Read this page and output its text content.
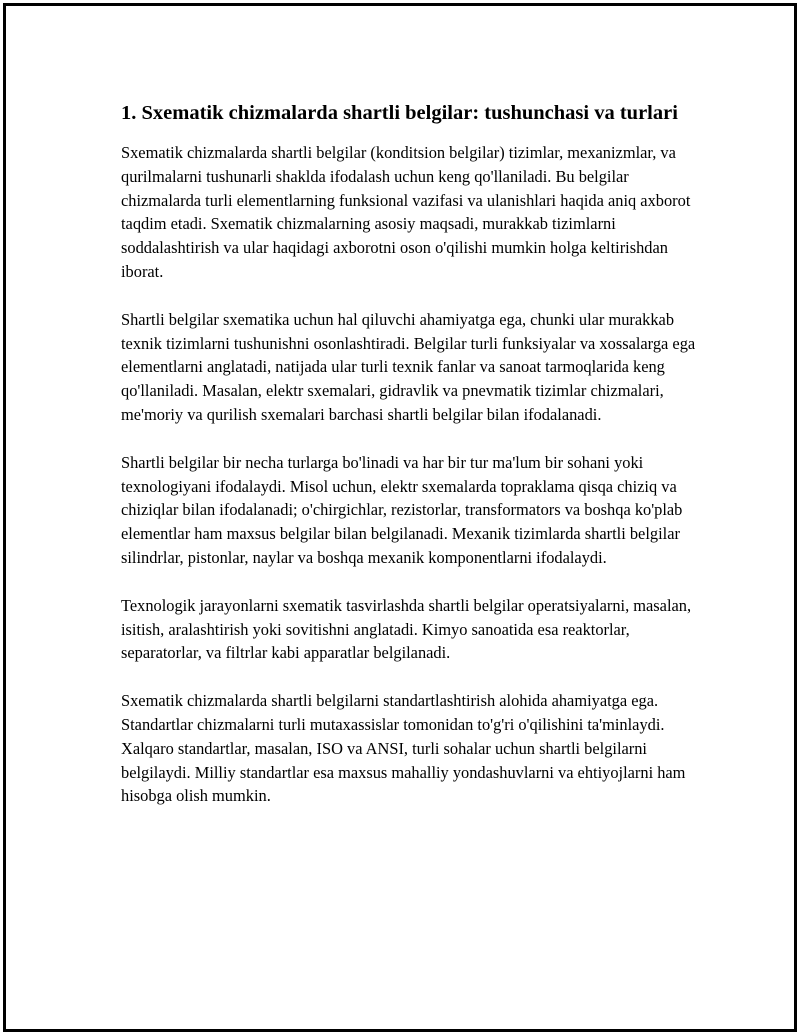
1. Sxematik chizmalarda shartli belgilar: tushunchasi va turlari

Sxematik chizmalarda shartli belgilar (konditsion belgilar) tizimlar, mexanizmlar, va qurilmalarni tushunarli shaklda ifodalash uchun keng qo'llaniladi. Bu belgilar chizmalarda turli elementlarning funksional vazifasi va ulanishlari haqida aniq axborot taqdim etadi. Sxematik chizmalarning asosiy maqsadi, murakkab tizimlarni soddalashtirish va ular haqidagi axborotni oson o'qilishi mumkin holga keltirishdan iborat.

Shartli belgilar sxematika uchun hal qiluvchi ahamiyatga ega, chunki ular murakkab texnik tizimlarni tushunishni osonlashtiradi. Belgilar turli funksiyalar va xossalarga ega elementlarni anglatadi, natijada ular turli texnik fanlar va sanoat tarmoqlarida keng qo'llaniladi. Masalan, elektr sxemalari, gidravlik va pnevmatik tizimlar chizmalari, me'moriy va qurilish sxemalari barchasi shartli belgilar bilan ifodalanadi.

Shartli belgilar bir necha turlarga bo'linadi va har bir tur ma'lum bir sohani yoki texnologiyani ifodalaydi. Misol uchun, elektr sxemalarda topraklama qisqa chiziq va chiziqlar bilan ifodalanadi; o'chirgichlar, rezistorlar, transformators va boshqa ko'plab elementlar ham maxsus belgilar bilan belgilanadi. Mexanik tizimlarda shartli belgilar silindrlar, pistonlar, naylar va boshqa mexanik komponentlarni ifodalaydi.

Texnologik jarayonlarni sxematik tasvirlashda shartli belgilar operatsiyalarni, masalan, isitish, aralashtirish yoki sovitishni anglatadi. Kimyo sanoatida esa reaktorlar, separatorlar, va filtrlar kabi apparatlar belgilanadi.

Sxematik chizmalarda shartli belgilarni standartlashtirish alohida ahamiyatga ega. Standartlar chizmalarni turli mutaxassislar tomonidan to'g'ri o'qilishini ta'minlaydi. Xalqaro standartlar, masalan, ISO va ANSI, turli sohalar uchun shartli belgilarni belgilaydi. Milliy standartlar esa maxsus mahalliy yondashuvlarni va ehtiyojlarni ham hisobga olish mumkin.
